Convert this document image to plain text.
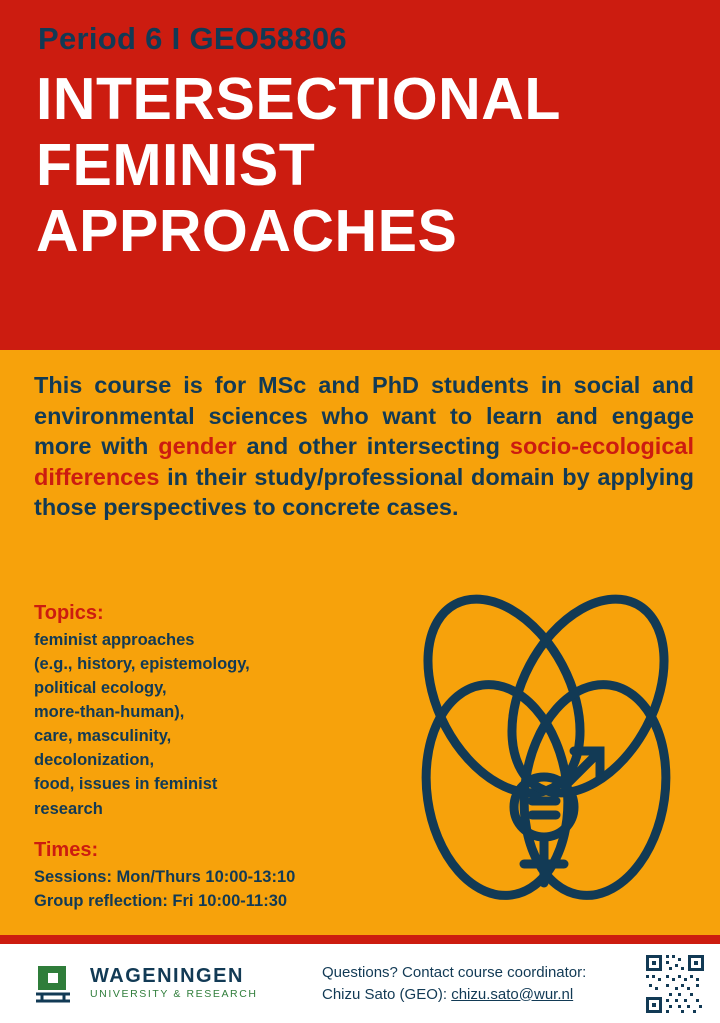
Period 6 I GEO58806
INTERSECTIONAL
FEMINIST
APPROACHES

This course is for MSc and PhD students in social and environmental sciences who want to learn and engage more with gender and other intersecting socio-ecological differences in their study/professional domain by applying those perspectives to concrete cases.

Topics:
feminist approaches
(e.g., history, epistemology,
political ecology,
more-than-human),
care, masculinity,
decolonization,
food, issues in feminist
research
Times:
Sessions: Mon/Thurs 10:00-13:10
Group reflection: Fri 10:00-11:30
WAGENINGEN
UNIVERSITY & RESEARCH
Questions? Contact course coordinator:
Chizu Sato (GEO): chizu.sato@wur.nl
